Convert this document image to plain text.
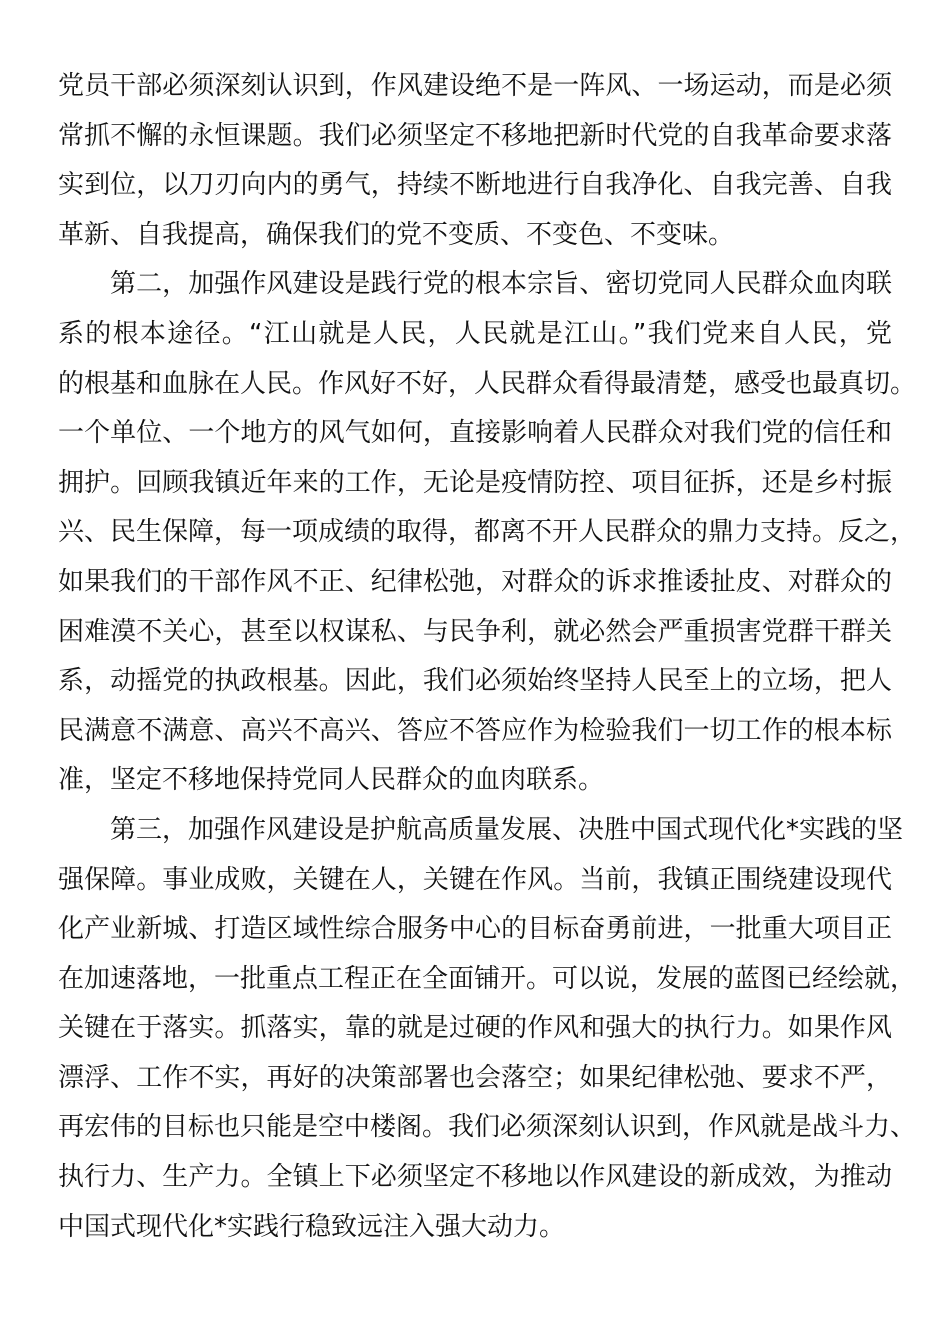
党员干部必须深刻认识到，作风建设绝不是一阵风、一场运动，而是必须
常抓不懈的永恒课题。我们必须坚定不移地把新时代党的自我革命要求落
实到位，以刀刃向内的勇气，持续不断地进行自我净化、自我完善、自我
革新、自我提高，确保我们的党不变质、不变色、不变味。
第二，加强作风建设是践行党的根本宗旨、密切党同人民群众血肉联
系的根本途径。“江山就是人民，人民就是江山。”我们党来自人民，党
的根基和血脉在人民。作风好不好，人民群众看得最清楚，感受也最真切。
一个单位、一个地方的风气如何，直接影响着人民群众对我们党的信任和
拥护。回顾我镇近年来的工作，无论是疫情防控、项目征拆，还是乡村振
兴、民生保障，每一项成绩的取得，都离不开人民群众的鼎力支持。反之，
如果我们的干部作风不正、纪律松弛，对群众的诉求推诿扯皮、对群众的
困难漠不关心，甚至以权谋私、与民争利，就必然会严重损害党群干群关
系，动摇党的执政根基。因此，我们必须始终坚持人民至上的立场，把人
民满意不满意、高兴不高兴、答应不答应作为检验我们一切工作的根本标
准，坚定不移地保持党同人民群众的血肉联系。
第三，加强作风建设是护航高质量发展、决胜中国式现代化*实践的坚
强保障。事业成败，关键在人，关键在作风。当前，我镇正围绕建设现代
化产业新城、打造区域性综合服务中心的目标奋勇前进，一批重大项目正
在加速落地，一批重点工程正在全面铺开。可以说，发展的蓝图已经绘就，
关键在于落实。抓落实，靠的就是过硬的作风和强大的执行力。如果作风
漂浮、工作不实，再好的决策部署也会落空；如果纪律松弛、要求不严，
再宏伟的目标也只能是空中楼阁。我们必须深刻认识到，作风就是战斗力、
执行力、生产力。全镇上下必须坚定不移地以作风建设的新成效，为推动
中国式现代化*实践行稳致远注入强大动力。
